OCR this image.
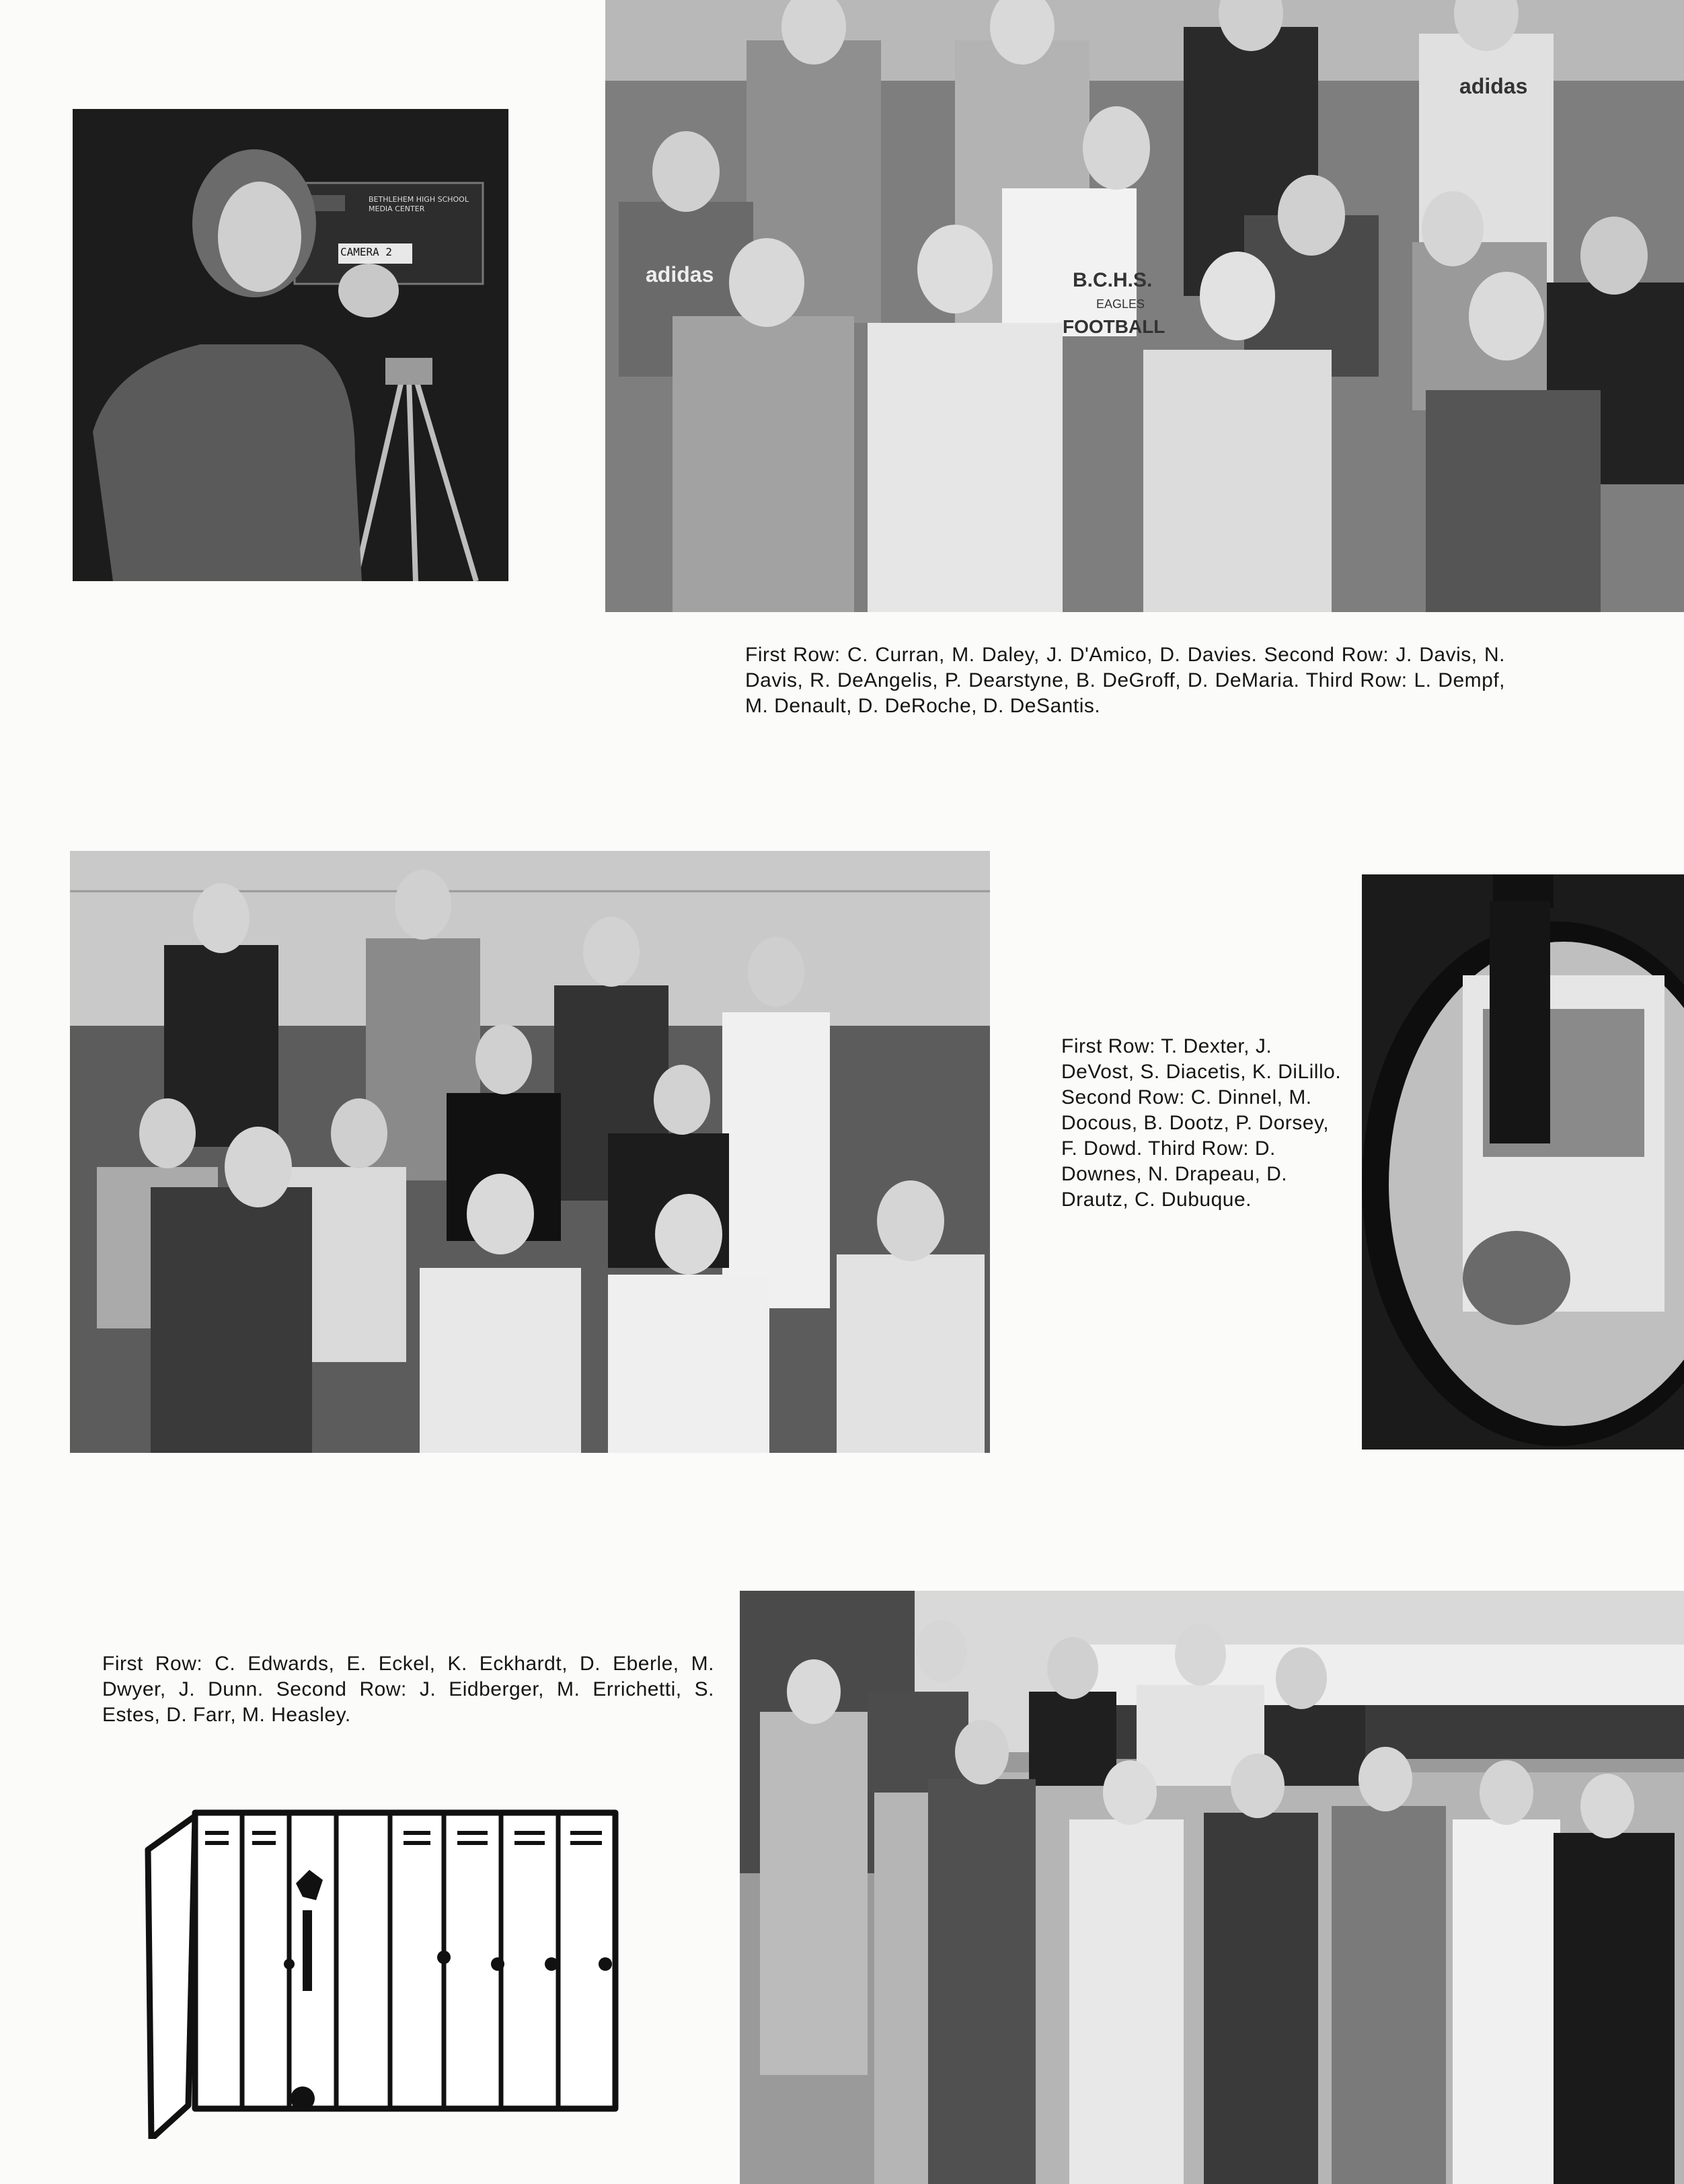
CAMERA 2
BETHLEHEM HIGH SCHOOL MEDIA CENTER
adidas
adidas	B.C.H.S.
EAGLES
FOOTBALL
First Row: C. Curran, M. Daley, J. D'Amico, D. Davies. Second Row: J. Davis, N. Davis, R. DeAngelis, P. Dearstyne, B. DeGroff, D. DeMaria. Third Row: L. Dempf, M. Denault, D. DeRoche, D. DeSantis.
First Row: T. Dexter, J. DeVost, S. Diacetis, K. DiLillo. Second Row: C. Dinnel, M. Docous, B. Dootz, P. Dorsey, F. Dowd. Third Row: D. Downes, N. Drapeau, D. Drautz, C. Dubuque.
First Row: C. Edwards, E. Eckel, K. Eckhardt, D. Eberle, M. Dwyer, J. Dunn. Second Row: J. Eidberger, M. Errichetti, S. Estes, D. Farr, M. Heasley.
